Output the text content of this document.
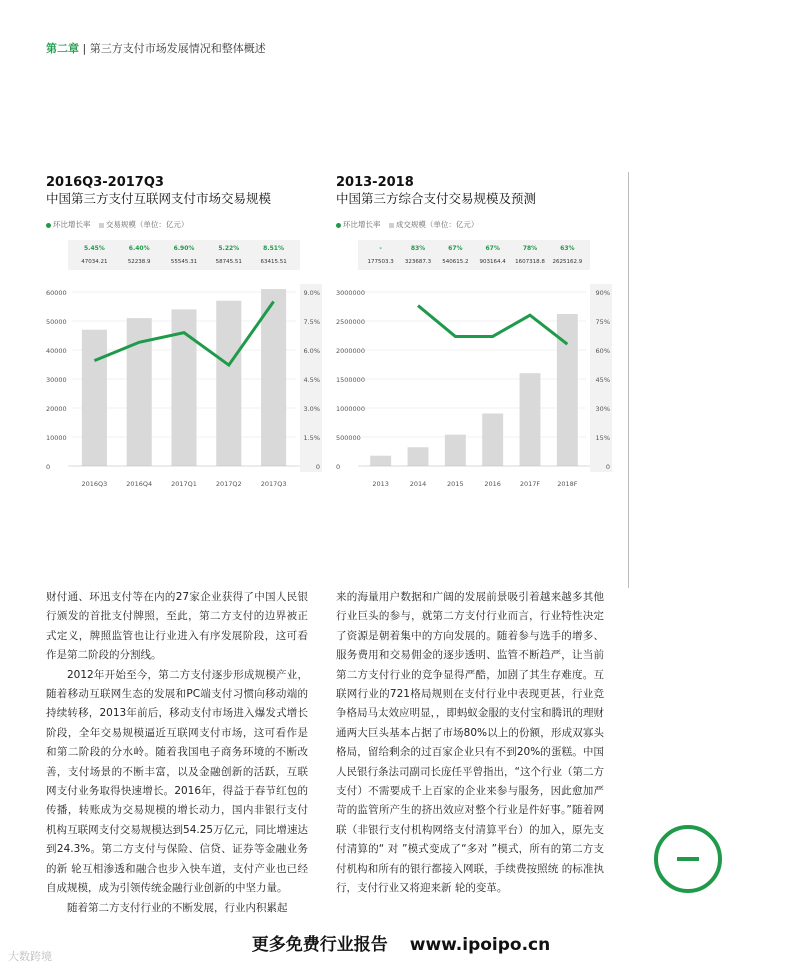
第二章 | 第三方支付市场发展情况和整体概述
2016Q3-2017Q3
中国第三方支付互联网支付市场交易规模
环比增长率 交易规模（单位：亿元）
0
10000
20000
30000
40000
50000
60000
0
1.5%
3.0%
4.5%
6.0%
7.5%
9.0%
2016Q3
5.45%
47034.21
2016Q4
6.40%
52238.9
2017Q1
6.90%
55545.31
2017Q2
5.22%
58745.51
2017Q3
8.51%
63415.51
2013-2018
中国第三方综合支付交易规模及预测
环比增长率 成交规模（单位：亿元）
0
500000
1000000
1500000
2000000
2500000
3000000
0
15%
30%
45%
60%
75%
90%
2013
-
177503.3
2014
83%
323687.3
2015
67%
540615.2
2016
67%
903164.4
2017F
78%
1607318.8
2018F
63%
2625162.9

财付通、环迅支付等在内的27家企业获得了中国人民银行颁发的首批支付牌照，至此，第二方支付的边界被正式定义，牌照监管也让行业进入有序发展阶段，这可看作是第二阶段的分割线。

2012年开始至今，第二方支付逐步形成规模产业，随着移动互联网生态的发展和PC端支付习惯向移动端的持续转移，2013年前后，移动支付市场进入爆发式增长阶段，全年交易规模逼近互联网支付市场，这可看作是和第二阶段的分水岭。随着我国电子商务环境的不断改善，支付场景的不断丰富，以及金融创新的活跃，互联网支付业务取得快速增长。2016年，得益于春节红包的传播，转账成为交易规模的增长动力，国内非银行支付机构互联网支付交易规模达到54.25万亿元，同比增速达到24.3%。第二方支付与保险、信贷、证券等金融业务的新 轮互相渗透和融合也步入快车道，支付产业也已经自成规模，成为引领传统金融行业创新的中坚力量。

随着第二方支付行业的不断发展，行业内积累起

来的海量用户数据和广阔的发展前景吸引着越来越多其他行业巨头的参与，就第二方支付行业而言，行业特性决定了资源是朝着集中的方向发展的。随着参与选手的增多、服务费用和交易佣金的逐步透明、监管不断趋严，让当前第二方支付行业的竞争显得严酷，加剧了其生存难度。互联网行业的721格局规则在支付行业中表现更甚，行业竞争格局马太效应明显，，即蚂蚁金服的支付宝和腾讯的理财通两大巨头基本占据了市场80%以上的份额，形成双寡头格局，留给剩余的过百家企业只有不到20%的蛋糕。中国人民银行条法司副司长庞任平曾指出，“这个行业（第二方支付）不需要成千上百家的企业来参与服务，因此愈加严苛的监管所产生的挤出效应对整个行业是件好事。”随着网联（非银行支付机构网络支付清算平台）的加入，原先支付清算的“ 对 ”模式变成了“多对 ”模式，所有的第二方支付机构和所有的银行都接入网联，手续费按照统 的标准执行，支付行业又将迎来新 轮的变革。

更多免费行业报告 www.ipoipo.cn
大数跨境
